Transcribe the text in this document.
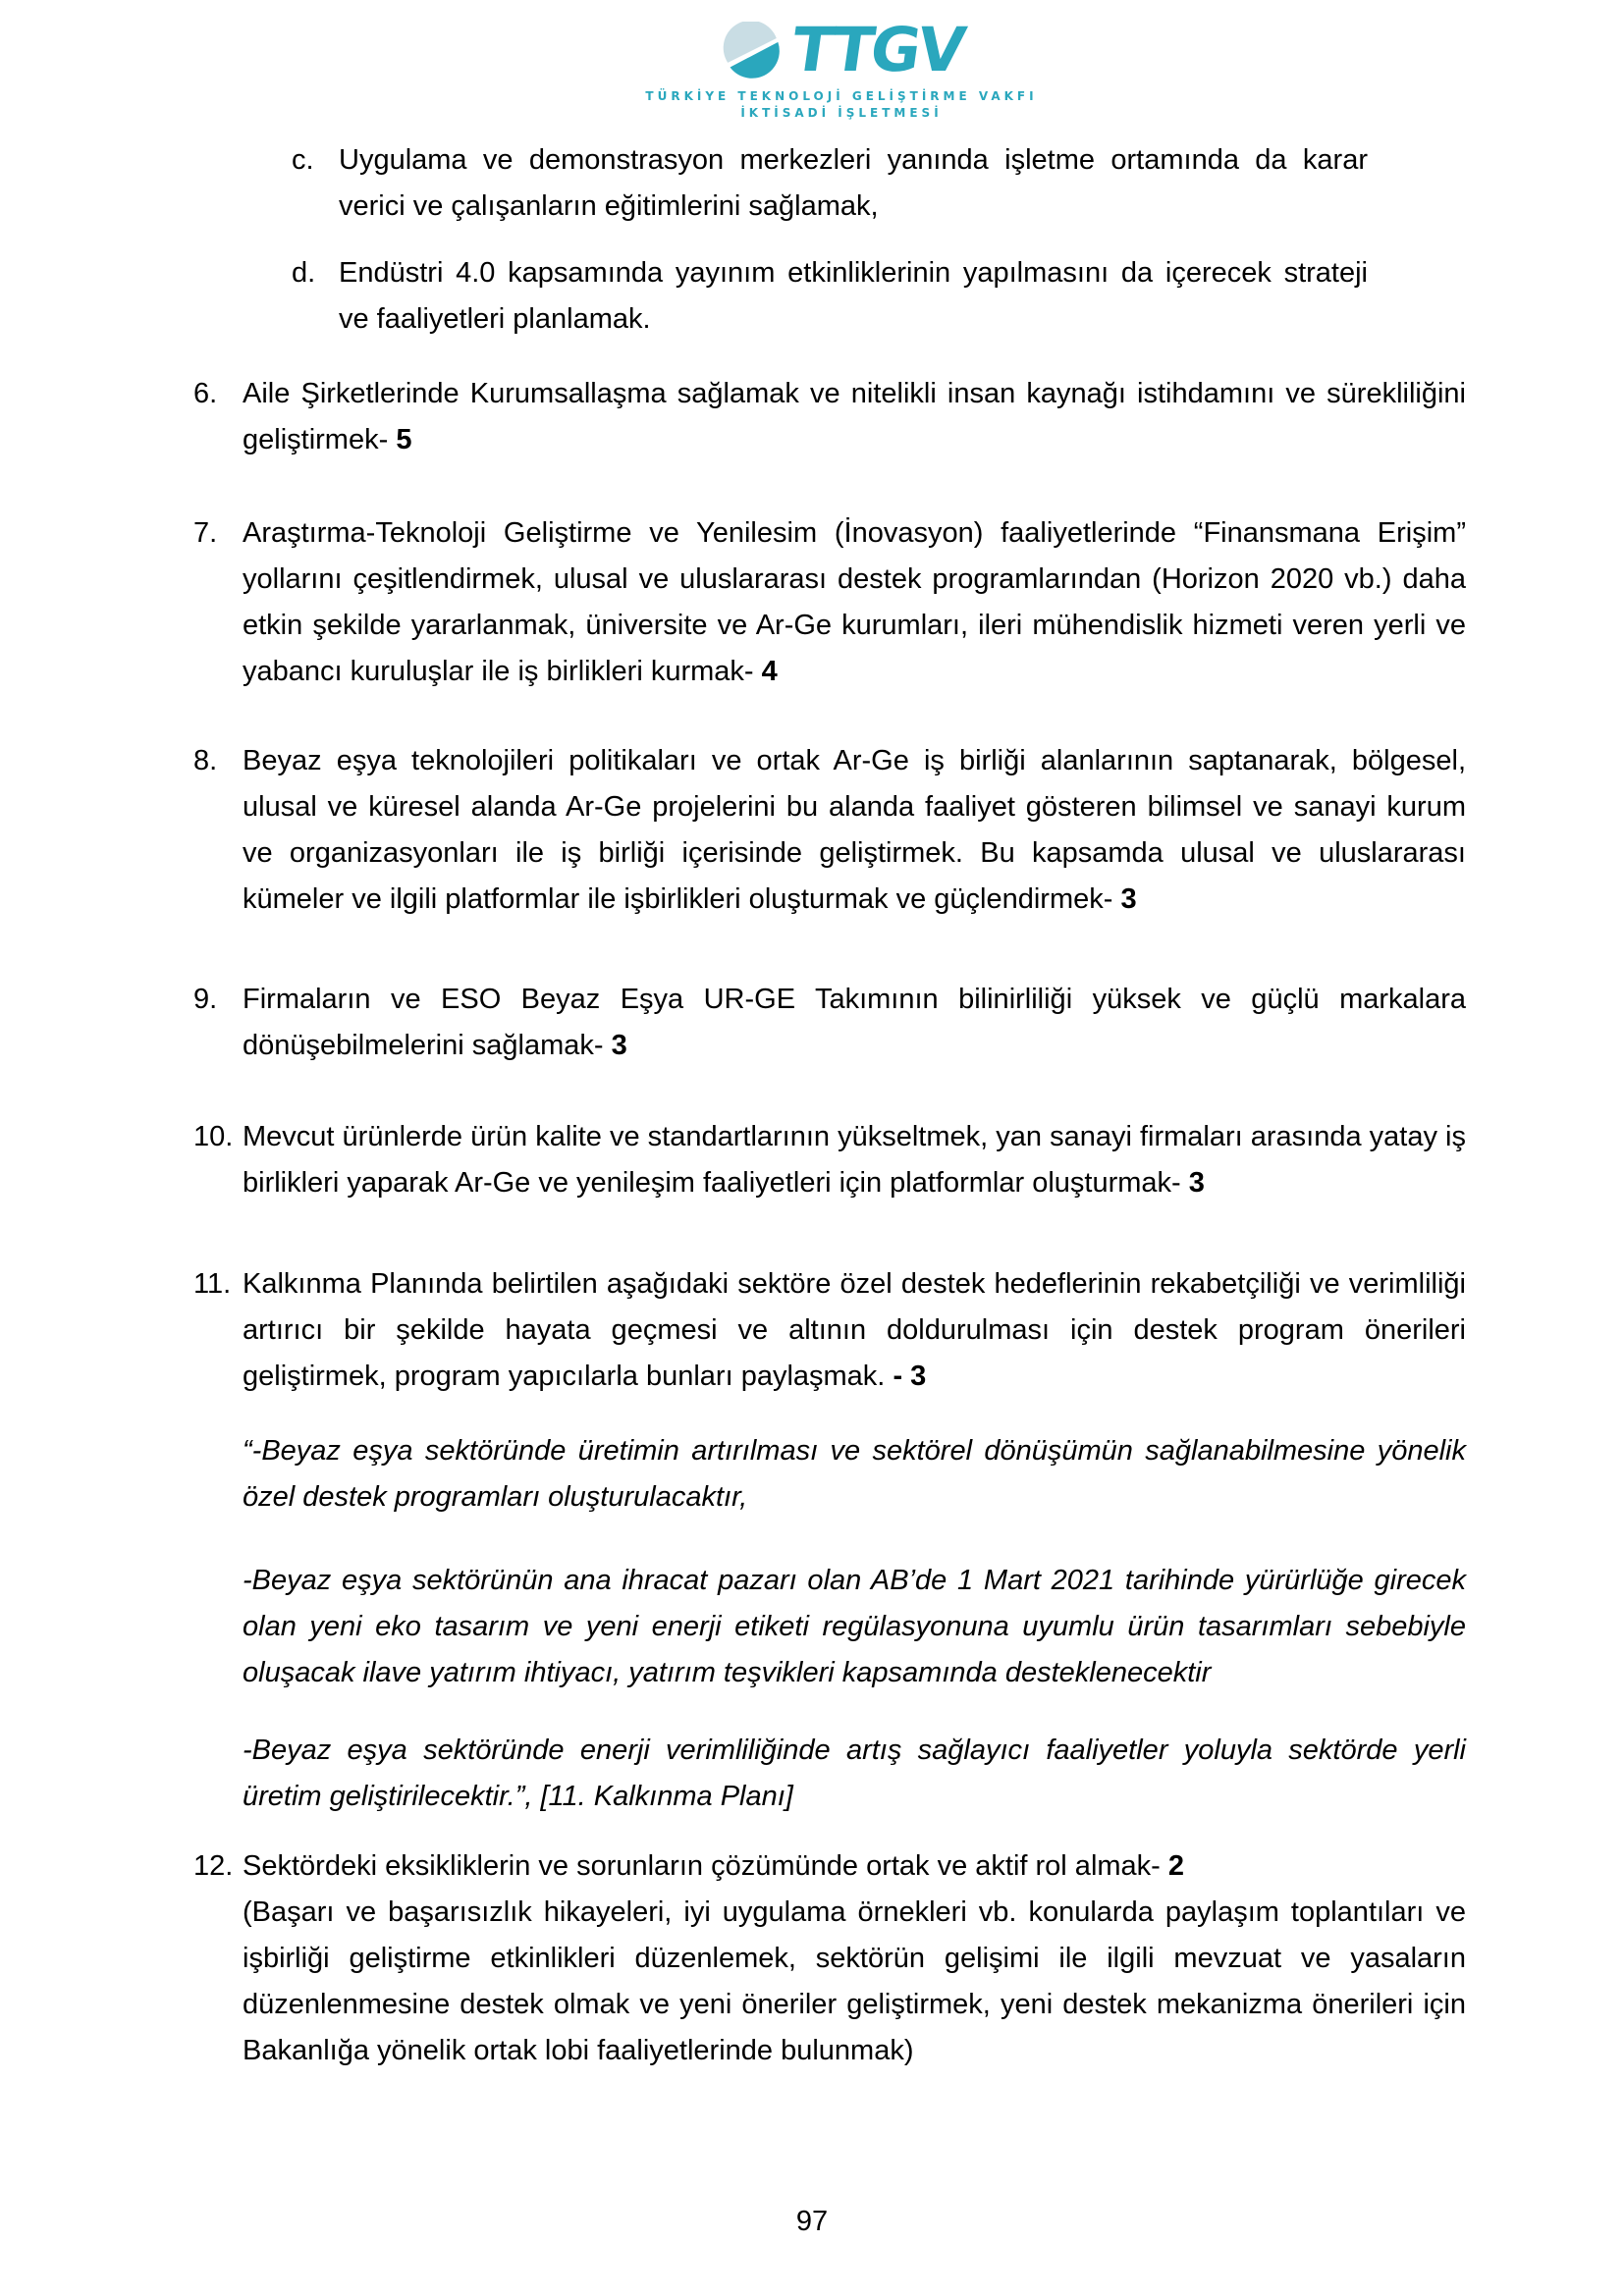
TTGV
TÜRKİYE TEKNOLOJİ GELİŞTİRME VAKFI
İKTİSADİ İŞLETMESİ
c. Uygulama ve demonstrasyon merkezleri yanında işletme ortamında da karar verici ve çalışanların eğitimlerini sağlamak,
d. Endüstri 4.0 kapsamında yayınım etkinliklerinin yapılmasını da içerecek strateji ve faaliyetleri planlamak.
6. Aile Şirketlerinde Kurumsallaşma sağlamak ve nitelikli insan kaynağı istihdamını ve sürekliliğini geliştirmek- 5
7. Araştırma-Teknoloji Geliştirme ve Yenilesim (İnovasyon) faaliyetlerinde “Finansmana Erişim” yollarını çeşitlendirmek, ulusal ve uluslararası destek programlarından (Horizon 2020 vb.) daha etkin şekilde yararlanmak, üniversite ve Ar-Ge kurumları, ileri mühendislik hizmeti veren yerli ve yabancı kuruluşlar ile iş birlikleri kurmak- 4
8. Beyaz eşya teknolojileri politikaları ve ortak Ar-Ge iş birliği alanlarının saptanarak, bölgesel, ulusal ve küresel alanda Ar-Ge projelerini bu alanda faaliyet gösteren bilimsel ve sanayi kurum ve organizasyonları ile iş birliği içerisinde geliştirmek. Bu kapsamda ulusal ve uluslararası kümeler ve ilgili platformlar ile işbirlikleri oluşturmak ve güçlendirmek- 3
9. Firmaların ve ESO Beyaz Eşya UR-GE Takımının bilinirliliği yüksek ve güçlü markalara dönüşebilmelerini sağlamak- 3
10. Mevcut ürünlerde ürün kalite ve standartlarının yükseltmek, yan sanayi firmaları arasında yatay iş birlikleri yaparak Ar-Ge ve yenileşim faaliyetleri için platformlar oluşturmak- 3
11. Kalkınma Planında belirtilen aşağıdaki sektöre özel destek hedeflerinin rekabetçiliği ve verimliliği artırıcı bir şekilde hayata geçmesi ve altının doldurulması için destek program önerileri geliştirmek, program yapıcılarla bunları paylaşmak. - 3
“-Beyaz eşya sektöründe üretimin artırılması ve sektörel dönüşümün sağlanabilmesine yönelik özel destek programları oluşturulacaktır,
-Beyaz eşya sektörünün ana ihracat pazarı olan AB’de 1 Mart 2021 tarihinde yürürlüğe girecek olan yeni eko tasarım ve yeni enerji etiketi regülasyonuna uyumlu ürün tasarımları sebebiyle oluşacak ilave yatırım ihtiyacı, yatırım teşvikleri kapsamında desteklenecektir
-Beyaz eşya sektöründe enerji verimliliğinde artış sağlayıcı faaliyetler yoluyla sektörde yerli üretim geliştirilecektir.”, [11. Kalkınma Planı]
12. Sektördeki eksikliklerin ve sorunların çözümünde ortak ve aktif rol almak- 2
(Başarı ve başarısızlık hikayeleri, iyi uygulama örnekleri vb. konularda paylaşım toplantıları ve işbirliği geliştirme etkinlikleri düzenlemek, sektörün gelişimi ile ilgili mevzuat ve yasaların düzenlenmesine destek olmak ve yeni öneriler geliştirmek, yeni destek mekanizma önerileri için Bakanlığa yönelik ortak lobi faaliyetlerinde bulunmak)
97
